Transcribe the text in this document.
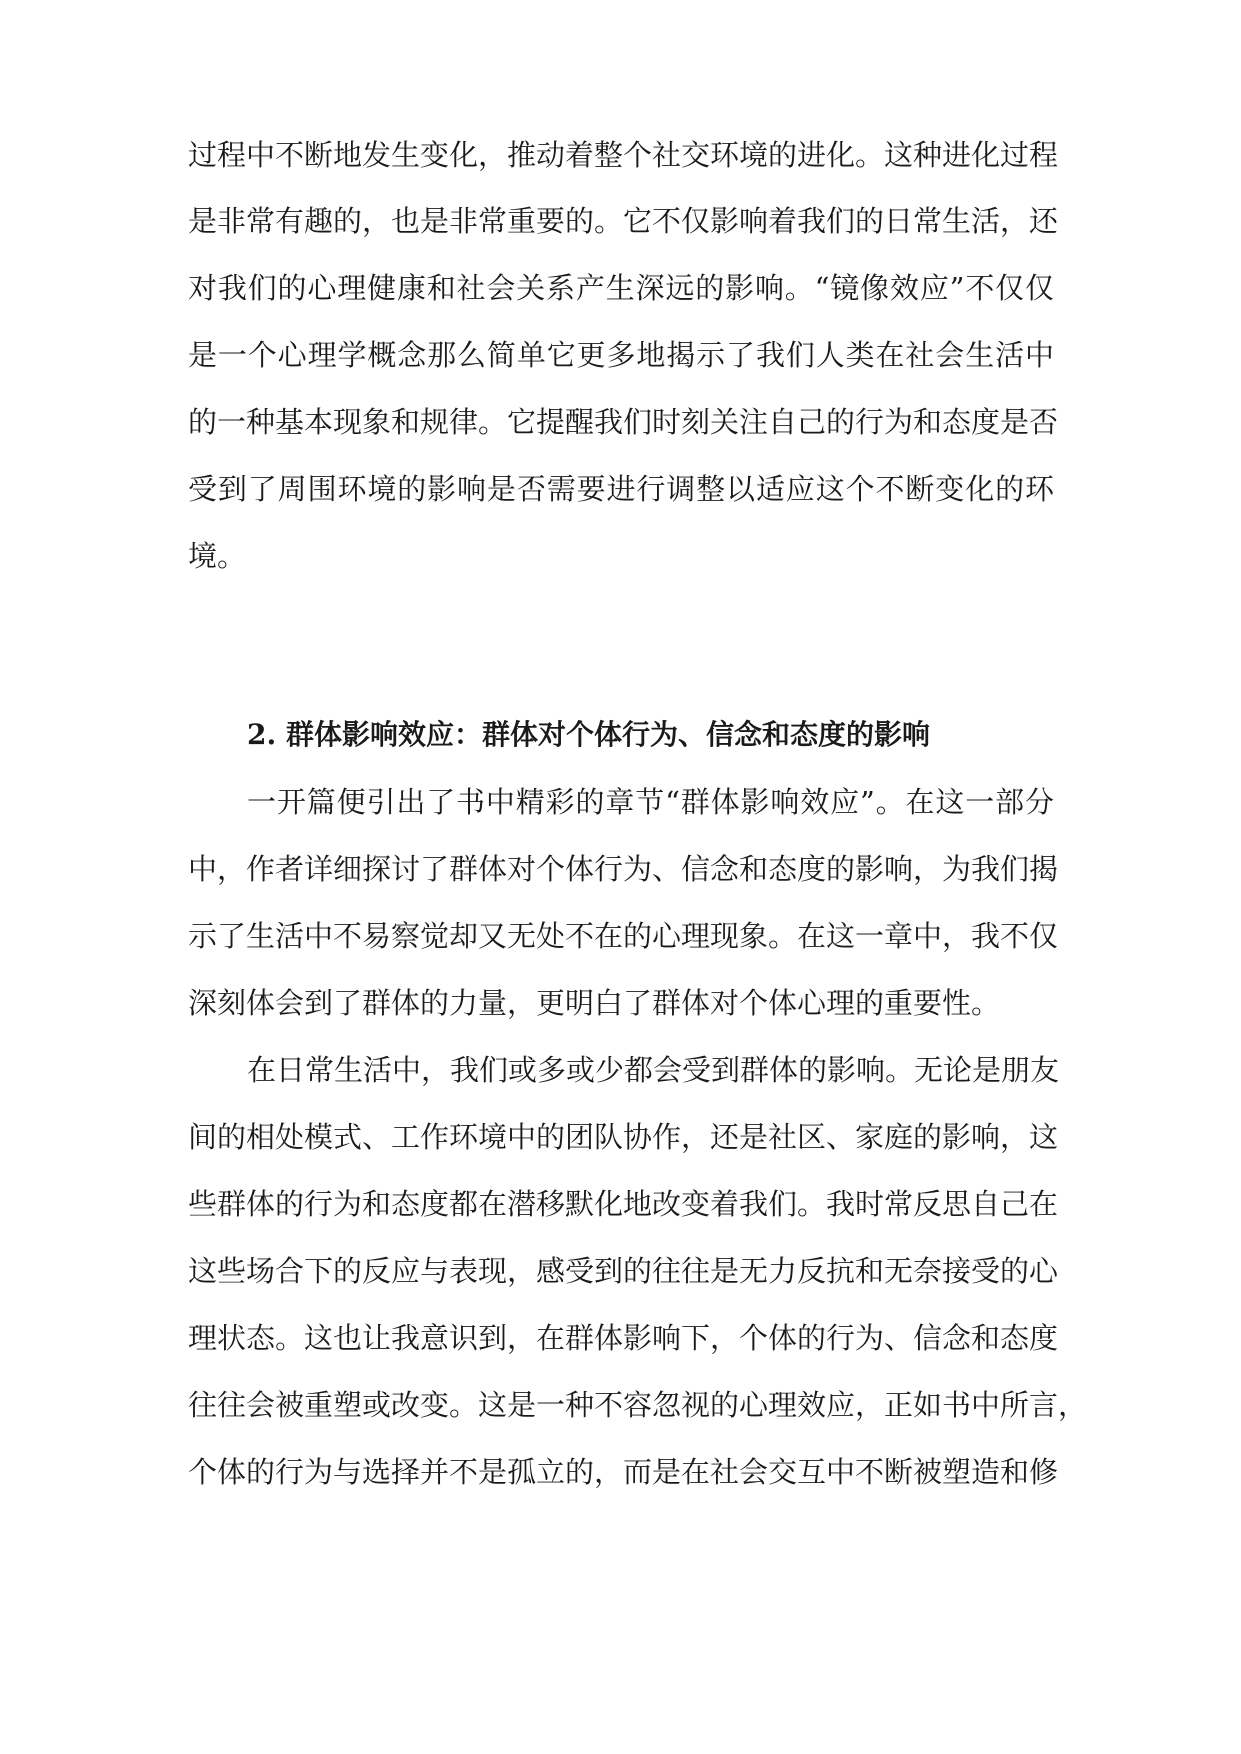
过程中不断地发生变化，推动着整个社交环境的进化。这种进化过程
是非常有趣的，也是非常重要的。它不仅影响着我们的日常生活，还
对我们的心理健康和社会关系产生深远的影响。“镜像效应”不仅仅
是一个心理学概念那么简单它更多地揭示了我们人类在社会生活中
的一种基本现象和规律。它提醒我们时刻关注自己的行为和态度是否
受到了周围环境的影响是否需要进行调整以适应这个不断变化的环
境。
2. 群体影响效应：群体对个体行为、信念和态度的影响
一开篇便引出了书中精彩的章节“群体影响效应”。在这一部分
中，作者详细探讨了群体对个体行为、信念和态度的影响，为我们揭
示了生活中不易察觉却又无处不在的心理现象。在这一章中，我不仅
深刻体会到了群体的力量，更明白了群体对个体心理的重要性。
在日常生活中，我们或多或少都会受到群体的影响。无论是朋友
间的相处模式、工作环境中的团队协作，还是社区、家庭的影响，这
些群体的行为和态度都在潜移默化地改变着我们。我时常反思自己在
这些场合下的反应与表现，感受到的往往是无力反抗和无奈接受的心
理状态。这也让我意识到，在群体影响下，个体的行为、信念和态度
往往会被重塑或改变。这是一种不容忽视的心理效应，正如书中所言，
个体的行为与选择并不是孤立的，而是在社会交互中不断被塑造和修
